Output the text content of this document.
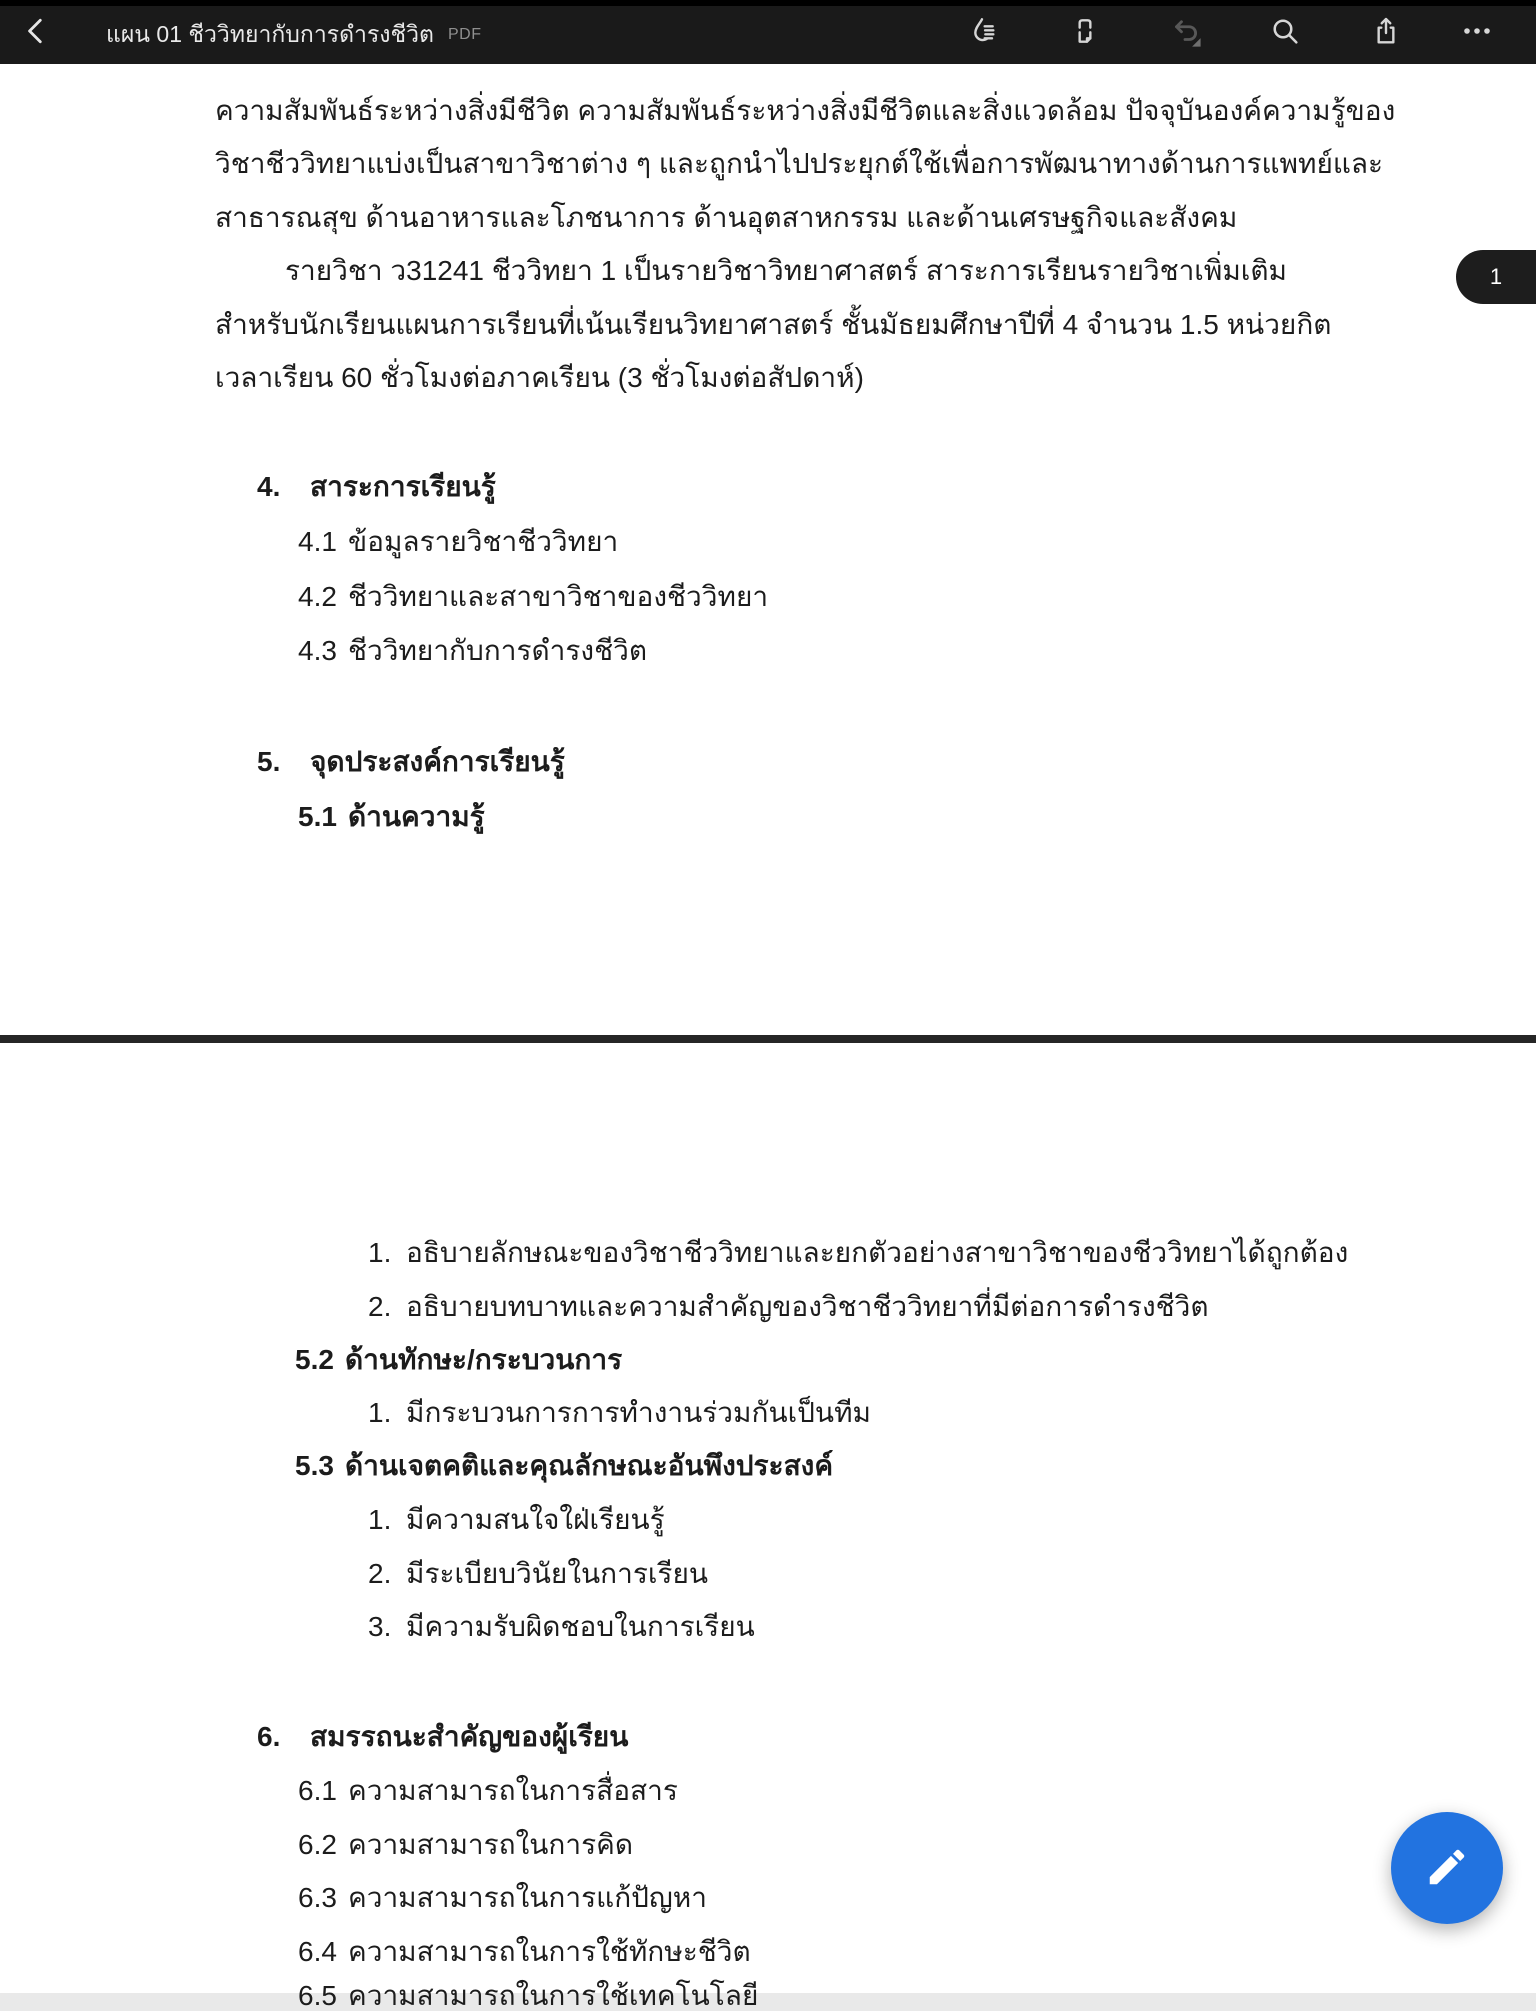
แผน 01 ชีววิทยากับการดำรงชีวิต PDF
ความสัมพันธ์ระหว่างสิ่งมีชีวิต ความสัมพันธ์ระหว่างสิ่งมีชีวิตและสิ่งแวดล้อม ปัจจุบันองค์ความรู้ของ
วิชาชีววิทยาแบ่งเป็นสาขาวิชาต่าง ๆ และถูกนำไปประยุกต์ใช้เพื่อการพัฒนาทางด้านการแพทย์และ
สาธารณสุข ด้านอาหารและโภชนาการ ด้านอุตสาหกรรม และด้านเศรษฐกิจและสังคม
รายวิชา ว31241 ชีววิทยา 1 เป็นรายวิชาวิทยาศาสตร์ สาระการเรียนรายวิชาเพิ่มเติม
สำหรับนักเรียนแผนการเรียนที่เน้นเรียนวิทยาศาสตร์ ชั้นมัธยมศึกษาปีที่ 4 จำนวน 1.5 หน่วยกิต
เวลาเรียน 60 ชั่วโมงต่อภาคเรียน (3 ชั่วโมงต่อสัปดาห์)
4. สาระการเรียนรู้
4.1 ข้อมูลรายวิชาชีววิทยา
4.2 ชีววิทยาและสาขาวิชาของชีววิทยา
4.3 ชีววิทยากับการดำรงชีวิต
5. จุดประสงค์การเรียนรู้
5.1 ด้านความรู้
1. อธิบายลักษณะของวิชาชีววิทยาและยกตัวอย่างสาขาวิชาของชีววิทยาได้ถูกต้อง
2. อธิบายบทบาทและความสำคัญของวิชาชีววิทยาที่มีต่อการดำรงชีวิต
5.2 ด้านทักษะ/กระบวนการ
1. มีกระบวนการการทำงานร่วมกันเป็นทีม
5.3 ด้านเจตคติและคุณลักษณะอันพึงประสงค์
1. มีความสนใจใฝ่เรียนรู้
2. มีระเบียบวินัยในการเรียน
3. มีความรับผิดชอบในการเรียน
6. สมรรถนะสำคัญของผู้เรียน
6.1 ความสามารถในการสื่อสาร
6.2 ความสามารถในการคิด
6.3 ความสามารถในการแก้ปัญหา
6.4 ความสามารถในการใช้ทักษะชีวิต
6.5 ความสามารถในการใช้เทคโนโลยี
1
